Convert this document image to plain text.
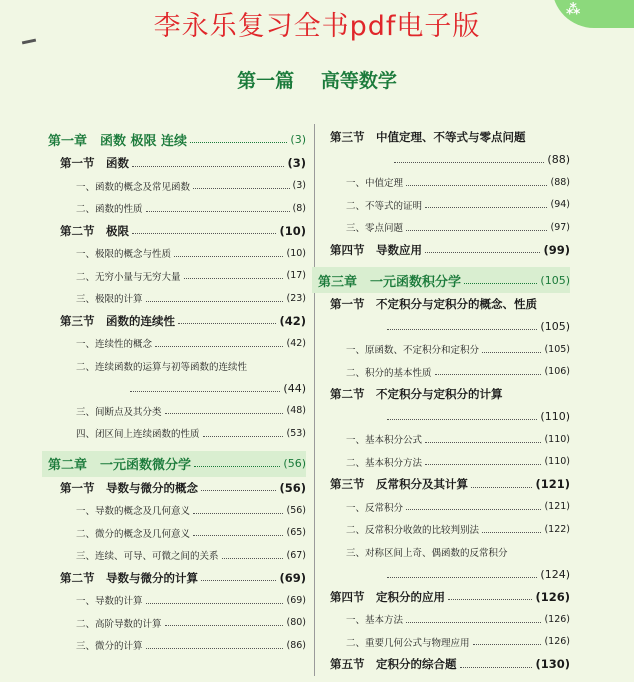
⁂
李永乐复习全书pdf电子版
第一篇 高等数学
第一章　函数 极限 连续	(3)
第一节　函数	(3)
一、函数的概念及常见函数	(3)
二、函数的性质	(8)
第二节　极限	(10)
一、极限的概念与性质	(10)
二、无穷小量与无穷大量	(17)
三、极限的计算	(23)
第三节　函数的连续性	(42)
一、连续性的概念	(42)
二、连续函数的运算与初等函数的连续性
(44)
三、间断点及其分类	(48)
四、闭区间上连续函数的性质	(53)
第二章　一元函数微分学	(56)
第一节　导数与微分的概念	(56)
一、导数的概念及几何意义	(56)
二、微分的概念及几何意义	(65)
三、连续、可导、可微之间的关系	(67)
第二节　导数与微分的计算	(69)
一、导数的计算	(69)
二、高阶导数的计算	(80)
三、微分的计算	(86)
第三节　中值定理、不等式与零点问题
(88)
一、中值定理	(88)
二、不等式的证明	(94)
三、零点问题	(97)
第四节　导数应用	(99)
第三章　一元函数积分学	(105)
第一节　不定积分与定积分的概念、性质
(105)
一、原函数、不定积分和定积分	(105)
二、积分的基本性质	(106)
第二节　不定积分与定积分的计算
(110)
一、基本积分公式	(110)
二、基本积分方法	(110)
第三节　反常积分及其计算	(121)
一、反常积分	(121)
二、反常积分收敛的比较判别法	(122)
三、对称区间上奇、偶函数的反常积分
(124)
第四节　定积分的应用	(126)
一、基本方法	(126)
二、重要几何公式与物理应用	(126)
第五节　定积分的综合题	(130)
